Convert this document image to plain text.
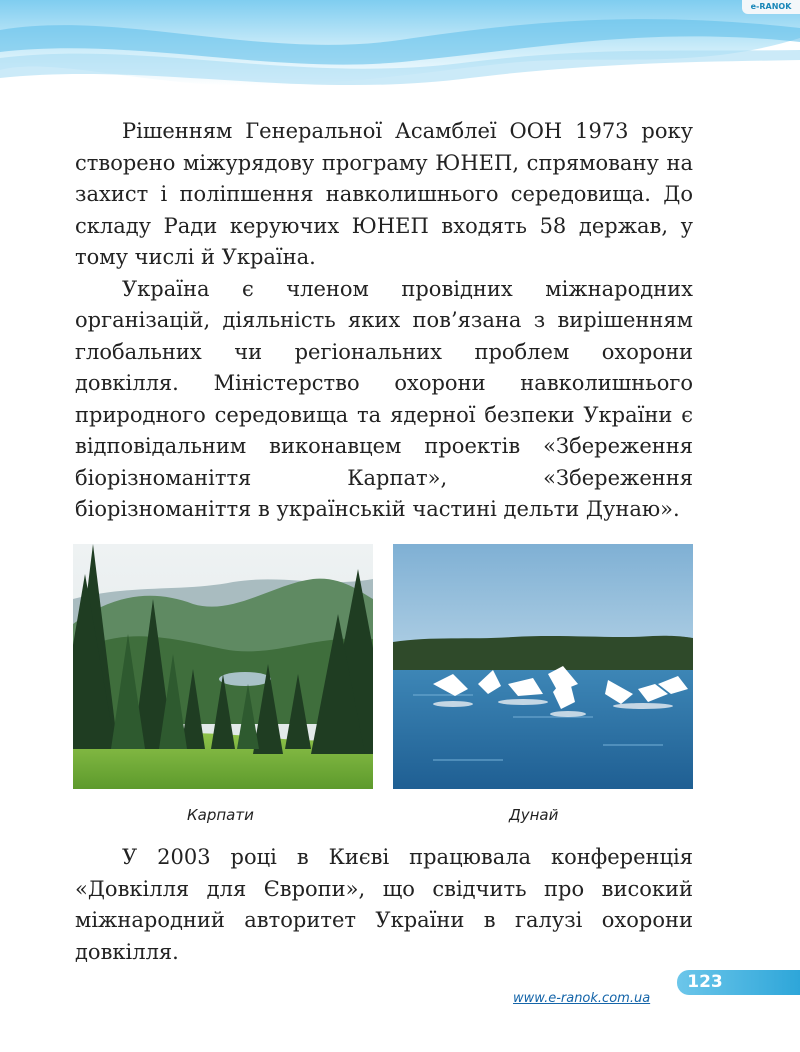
e-RANOK

Рішенням Генеральної Асамблеї ООН 1973 року створено міжурядову програму ЮНЕП, спрямовану на захист і поліпшення навколишнього середовища. До складу Ради керуючих ЮНЕП входять 58 держав, у тому числі й Україна.

Україна є членом провідних міжнародних організацій, діяльність яких пов’язана з вирішенням глобальних чи регіональних проблем охорони довкілля. Міністерство охорони навколишнього природного середовища та ядерної безпеки України є відповідальним виконавцем проектів «Збереження біорізноманіття Карпат», «Збереження біорізноманіття в українській частині дельти Дунаю».

Карпати	Дунай

У 2003 році в Києві працювала конференція «Довкілля для Європи», що свідчить про високий міжнародний авторитет України в галузі охорони довкілля.

123
www.e-ranok.com.ua
